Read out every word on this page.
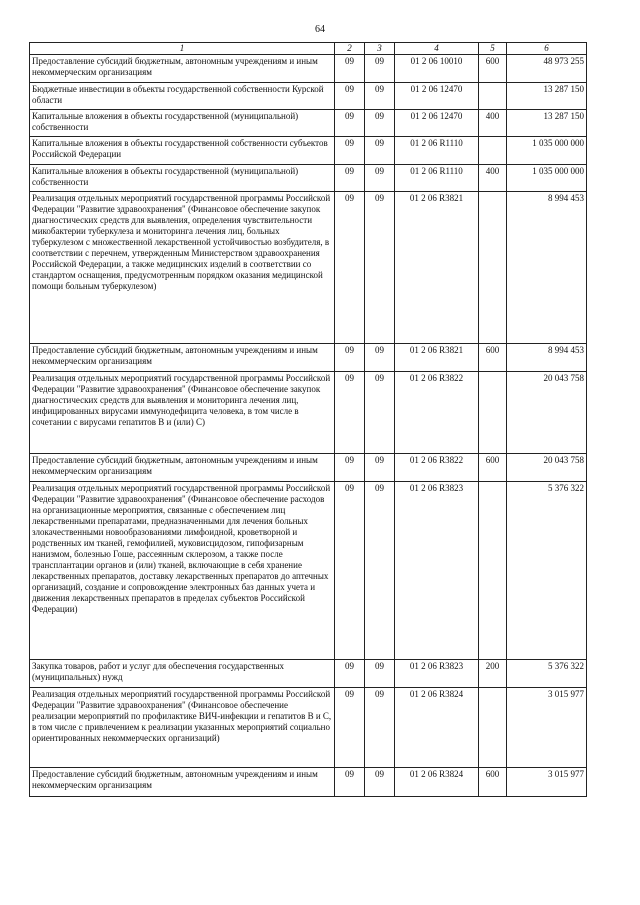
64
1	2	3	4	5	6
Предоставление субсидий бюджетным, автономным учреждениям и иным некоммерческим организациям	09	09	01 2 06 10010	600	48 973 255
Бюджетные инвестиции в объекты государственной собственности Курской области	09	09	01 2 06 12470		13 287 150
Капитальные вложения в объекты государственной (муниципальной) собственности	09	09	01 2 06 12470	400	13 287 150
Капитальные вложения в объекты государственной собственности субъектов Российской Федерации	09	09	01 2 06 R1110		1 035 000 000
Капитальные вложения в объекты государственной (муниципальной) собственности	09	09	01 2 06 R1110	400	1 035 000 000
Реализация отдельных мероприятий государственной программы Российской Федерации "Развитие здравоохранения" (Финансовое обеспечение закупок диагностических средств для выявления, определения чувствительности микобактерии туберкулеза и мониторинга лечения лиц, больных туберкулезом с множественной лекарственной устойчивостью возбудителя, в соответствии с перечнем, утвержденным Министерством здравоохранения Российской Федерации, а также медицинских изделий в соответствии со стандартом оснащения, предусмотренным порядком оказания медицинской помощи больным туберкулезом)	09	09	01 2 06 R3821		8 994 453
Предоставление субсидий бюджетным, автономным учреждениям и иным некоммерческим организациям	09	09	01 2 06 R3821	600	8 994 453
Реализация отдельных мероприятий государственной программы Российской Федерации "Развитие здравоохранения" (Финансовое обеспечение закупок диагностических средств для выявления и мониторинга лечения лиц, инфицированных вирусами иммунодефицита человека, в том числе в сочетании с вирусами гепатитов В и (или) С)	09	09	01 2 06 R3822		20 043 758
Предоставление субсидий бюджетным, автономным учреждениям и иным некоммерческим организациям	09	09	01 2 06 R3822	600	20 043 758
Реализация отдельных мероприятий государственной программы Российской Федерации "Развитие здравоохранения" (Финансовое обеспечение расходов на организационные мероприятия, связанные с обеспечением лиц лекарственными препаратами, предназначенными для лечения больных злокачественными новообразованиями лимфоидной, кроветворной и родственных им тканей, гемофилией, муковисцидозом, гипофизарным нанизмом, болезнью Гоше, рассеянным склерозом, а также после трансплантации органов и (или) тканей, включающие в себя хранение лекарственных препаратов, доставку лекарственных препаратов до аптечных организаций, создание и сопровождение электронных баз данных учета и движения лекарственных препаратов в пределах субъектов Российской Федерации)	09	09	01 2 06 R3823		5 376 322
Закупка товаров, работ и услуг для обеспечения государственных (муниципальных) нужд	09	09	01 2 06 R3823	200	5 376 322
Реализация отдельных мероприятий государственной программы Российской Федерации "Развитие здравоохранения" (Финансовое обеспечение реализации мероприятий по профилактике ВИЧ-инфекции и гепатитов В и С, в том числе с привлечением к реализации указанных мероприятий социально ориентированных некоммерческих организаций)	09	09	01 2 06 R3824		3 015 977
Предоставление субсидий бюджетным, автономным учреждениям и иным некоммерческим организациям	09	09	01 2 06 R3824	600	3 015 977
